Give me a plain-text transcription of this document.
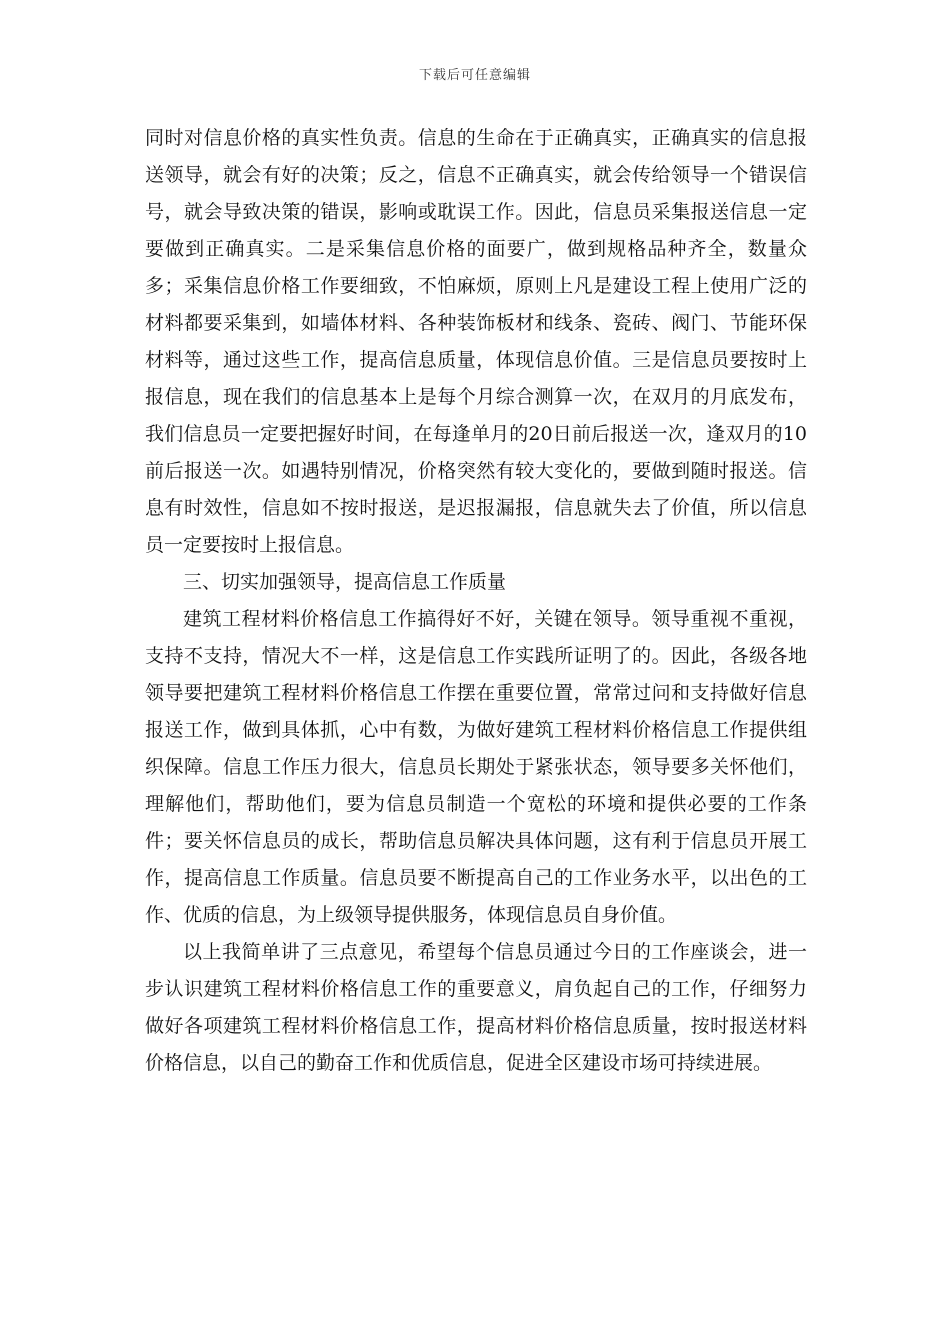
下载后可任意编辑

同时对信息价格的真实性负责。信息的生命在于正确真实，正确真实的信息报送领导，就会有好的决策；反之，信息不正确真实，就会传给领导一个错误信号，就会导致决策的错误，影响或耽误工作。因此，信息员采集报送信息一定要做到正确真实。二是采集信息价格的面要广，做到规格品种齐全，数量众多；采集信息价格工作要细致，不怕麻烦，原则上凡是建设工程上使用广泛的材料都要采集到，如墙体材料、各种装饰板材和线条、瓷砖、阀门、节能环保材料等，通过这些工作，提高信息质量，体现信息价值。三是信息员要按时上报信息，现在我们的信息基本上是每个月综合测算一次，在双月的月底发布，我们信息员一定要把握好时间，在每逢单月的20日前后报送一次，逢双月的10前后报送一次。如遇特别情况，价格突然有较大变化的，要做到随时报送。信息有时效性，信息如不按时报送，是迟报漏报，信息就失去了价值，所以信息员一定要按时上报信息。

三、切实加强领导，提高信息工作质量

建筑工程材料价格信息工作搞得好不好，关键在领导。领导重视不重视，支持不支持，情况大不一样，这是信息工作实践所证明了的。因此，各级各地领导要把建筑工程材料价格信息工作摆在重要位置，常常过问和支持做好信息报送工作，做到具体抓，心中有数，为做好建筑工程材料价格信息工作提供组织保障。信息工作压力很大，信息员长期处于紧张状态，领导要多关怀他们，理解他们，帮助他们，要为信息员制造一个宽松的环境和提供必要的工作条件；要关怀信息员的成长，帮助信息员解决具体问题，这有利于信息员开展工作，提高信息工作质量。信息员要不断提高自己的工作业务水平，以出色的工作、优质的信息，为上级领导提供服务，体现信息员自身价值。

以上我简单讲了三点意见，希望每个信息员通过今日的工作座谈会，进一步认识建筑工程材料价格信息工作的重要意义，肩负起自己的工作，仔细努力做好各项建筑工程材料价格信息工作，提高材料价格信息质量，按时报送材料价格信息，以自己的勤奋工作和优质信息，促进全区建设市场可持续进展。
